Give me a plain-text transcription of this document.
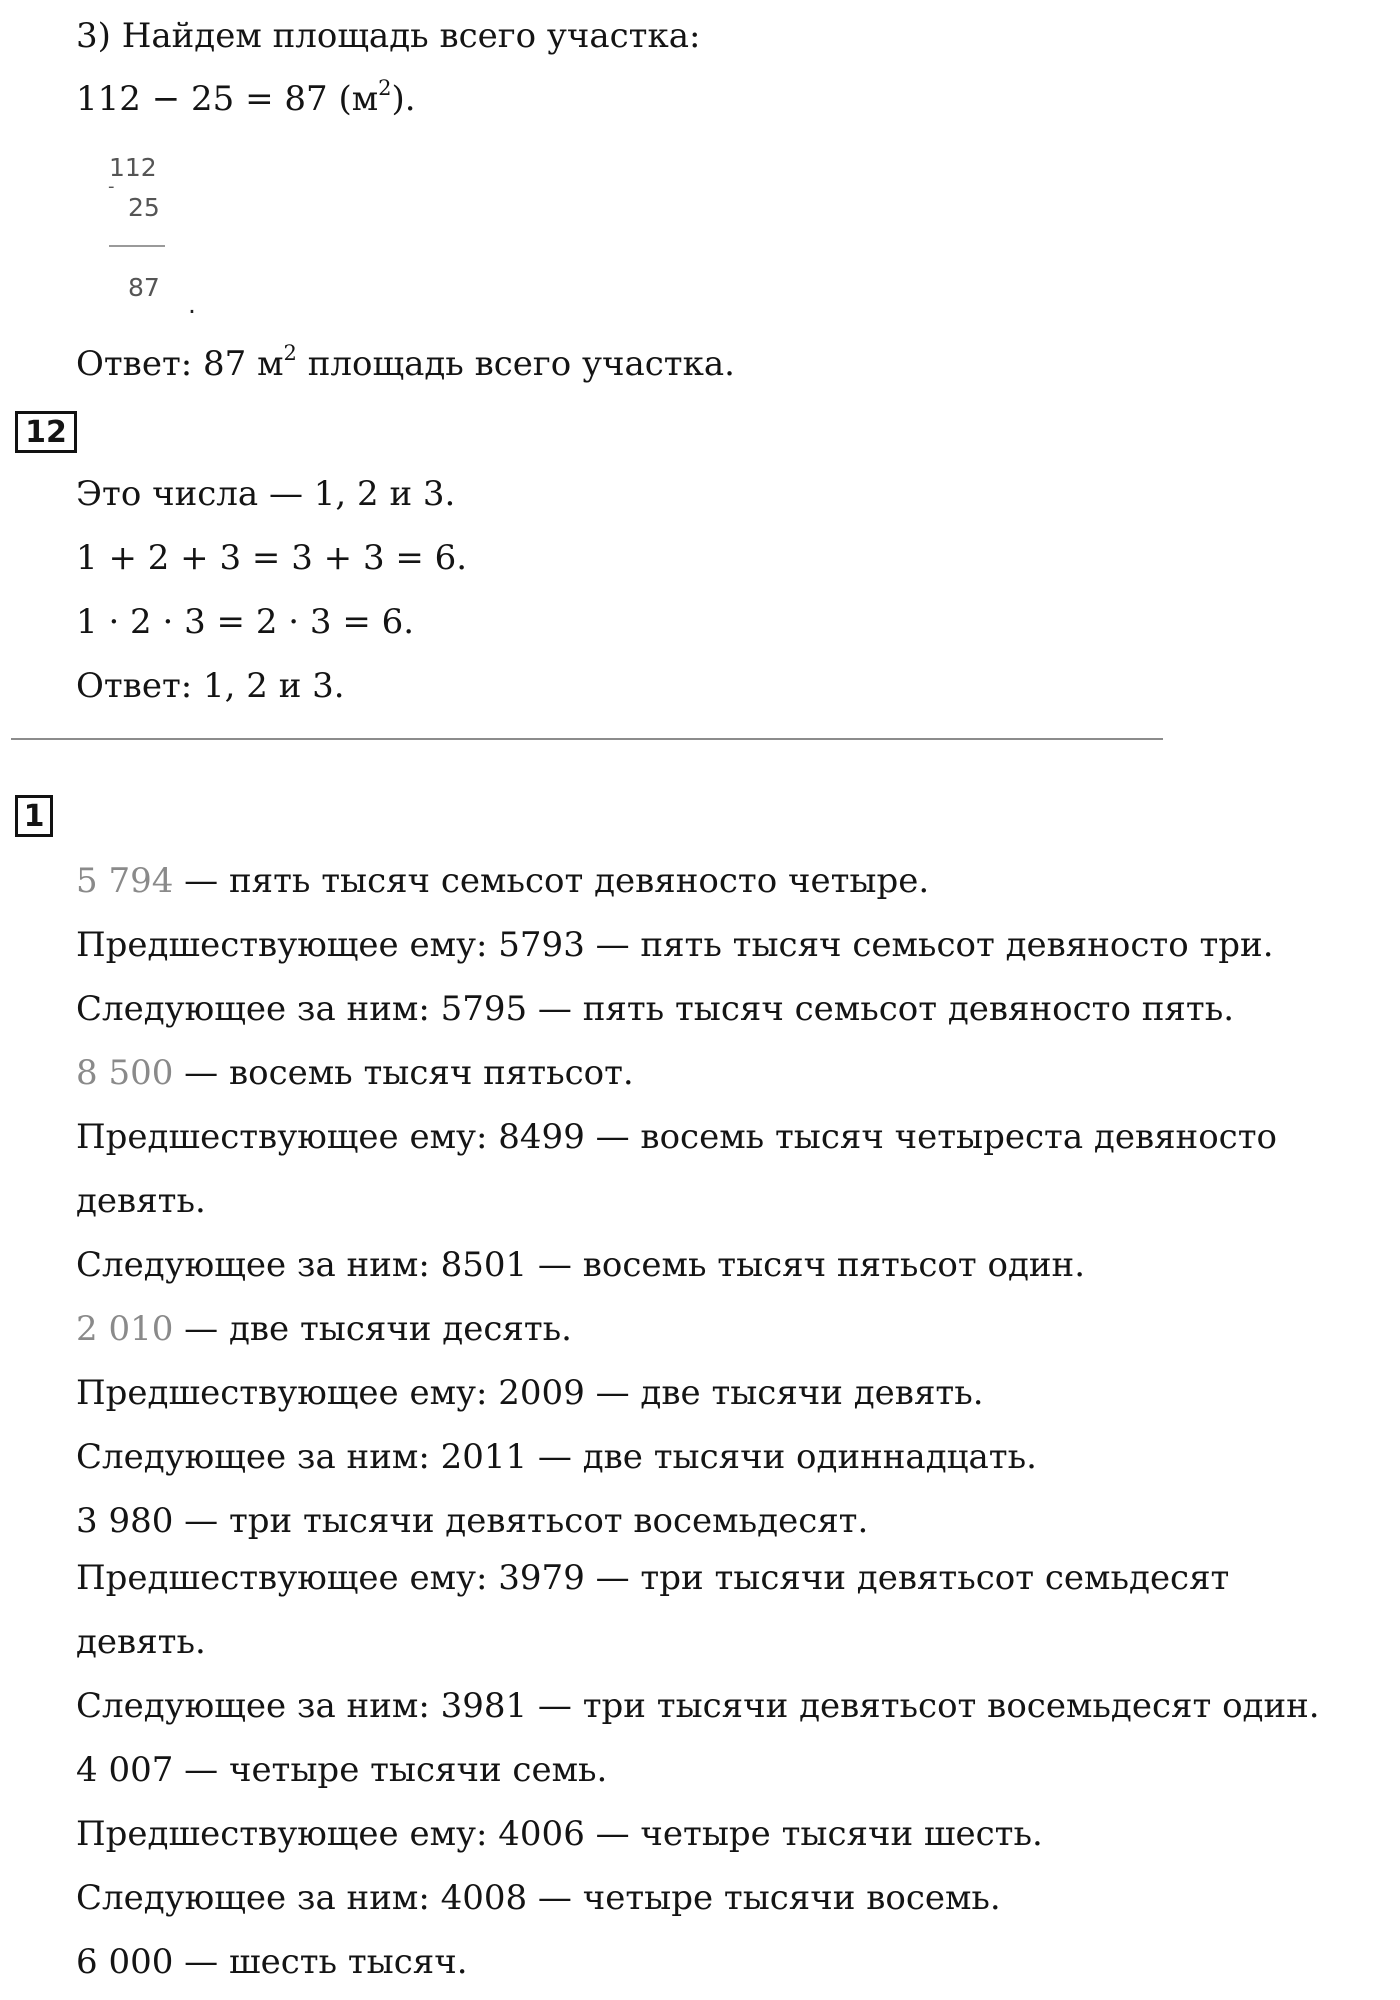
3) Найдем площадь всего участка:

112 − 25 = 87 $(м^2)$.

112
-
25
87
.

Ответ: 87 $м^2$ площадь всего участка.

12

Это числа — 1, 2 и 3.

1 + 2 + 3 = 3 + 3 = 6.

1 · 2 · 3 = 2 · 3 = 6.

Ответ: 1, 2 и 3.

1

5 794 — пять тысяч семьсот девяносто четыре.

Предшествующее ему: 5793 — пять тысяч семьсот девяносто три.

Следующее за ним: 5795 — пять тысяч семьсот девяносто пять.

8 500 — восемь тысяч пятьсот.

Предшествующее ему: 8499 — восемь тысяч четыреста девяносто

девять.

Следующее за ним: 8501 — восемь тысяч пятьсот один.

2 010 — две тысячи десять.

Предшествующее ему: 2009 — две тысячи девять.

Следующее за ним: 2011 — две тысячи одиннадцать.

3 980 — три тысячи девятьсот восемьдесят.

Предшествующее ему: 3979 — три тысячи девятьсот семьдесят

девять.

Следующее за ним: 3981 — три тысячи девятьсот восемьдесят один.

4 007 — четыре тысячи семь.

Предшествующее ему: 4006 — четыре тысячи шесть.

Следующее за ним: 4008 — четыре тысячи восемь.

6 000 — шесть тысяч.
